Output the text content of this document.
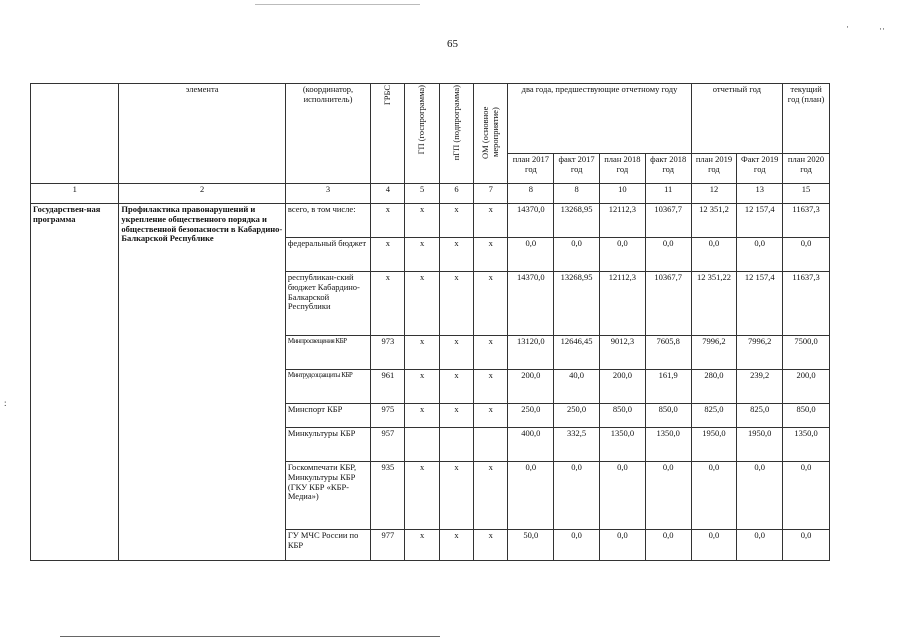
65
·	··
:
	элемента	(координатор, исполнитель)	ГРБС	ГП (госпрограмма)	пГП (подпрограмма)	ОМ (основное мероприятие)	два года, предшествующие отчетному году				отчетный год		текущий год (план)
							план 2017 год	факт 2017 год	план 2018 год	факт 2018 год	план 2019 год	Факт 2019 год	план 2020 год
1	2	3	4	5	6	7	8	8	10	11	12	13	15
Государствен-ная программа	Профилактика правонарушений и укрепление общественного порядка и общественной безопасности в Кабардино-Балкарской Республике	всего, в том числе:	x	x	x	x	14370,0	13268,95	12112,3	10367,7	12 351,2	12 157,4	11637,3
		федеральный бюджет	x	x	x	x	0,0	0,0	0,0	0,0	0,0	0,0	0,0
		республикан-ский бюджет Кабардино-Балкарской Республики	x	x	x	x	14370,0	13268,95	12112,3	10367,7	12 351,22	12 157,4	11637,3
		Минпросвещения КБР	973	x	x	x	13120,0	12646,45	9012,3	7605,8	7996,2	7996,2	7500,0
		Минтрудсоцзащиты КБР	961	x	x	x	200,0	40,0	200,0	161,9	280,0	239,2	200,0
		Минспорт КБР	975	x	x	x	250,0	250,0	850,0	850,0	825,0	825,0	850,0
		Минкультуры КБР	957				400,0	332,5	1350,0	1350,0	1950,0	1950,0	1350,0
		Госкомпечати КБР, Минкультуры КБР (ГКУ КБР «КБР-Медиа»)	935	x	x	x	0,0	0,0	0,0	0,0	0,0	0,0	0,0
		ГУ МЧС России по КБР	977	x	x	x	50,0	0,0	0,0	0,0	0,0	0,0	0,0
